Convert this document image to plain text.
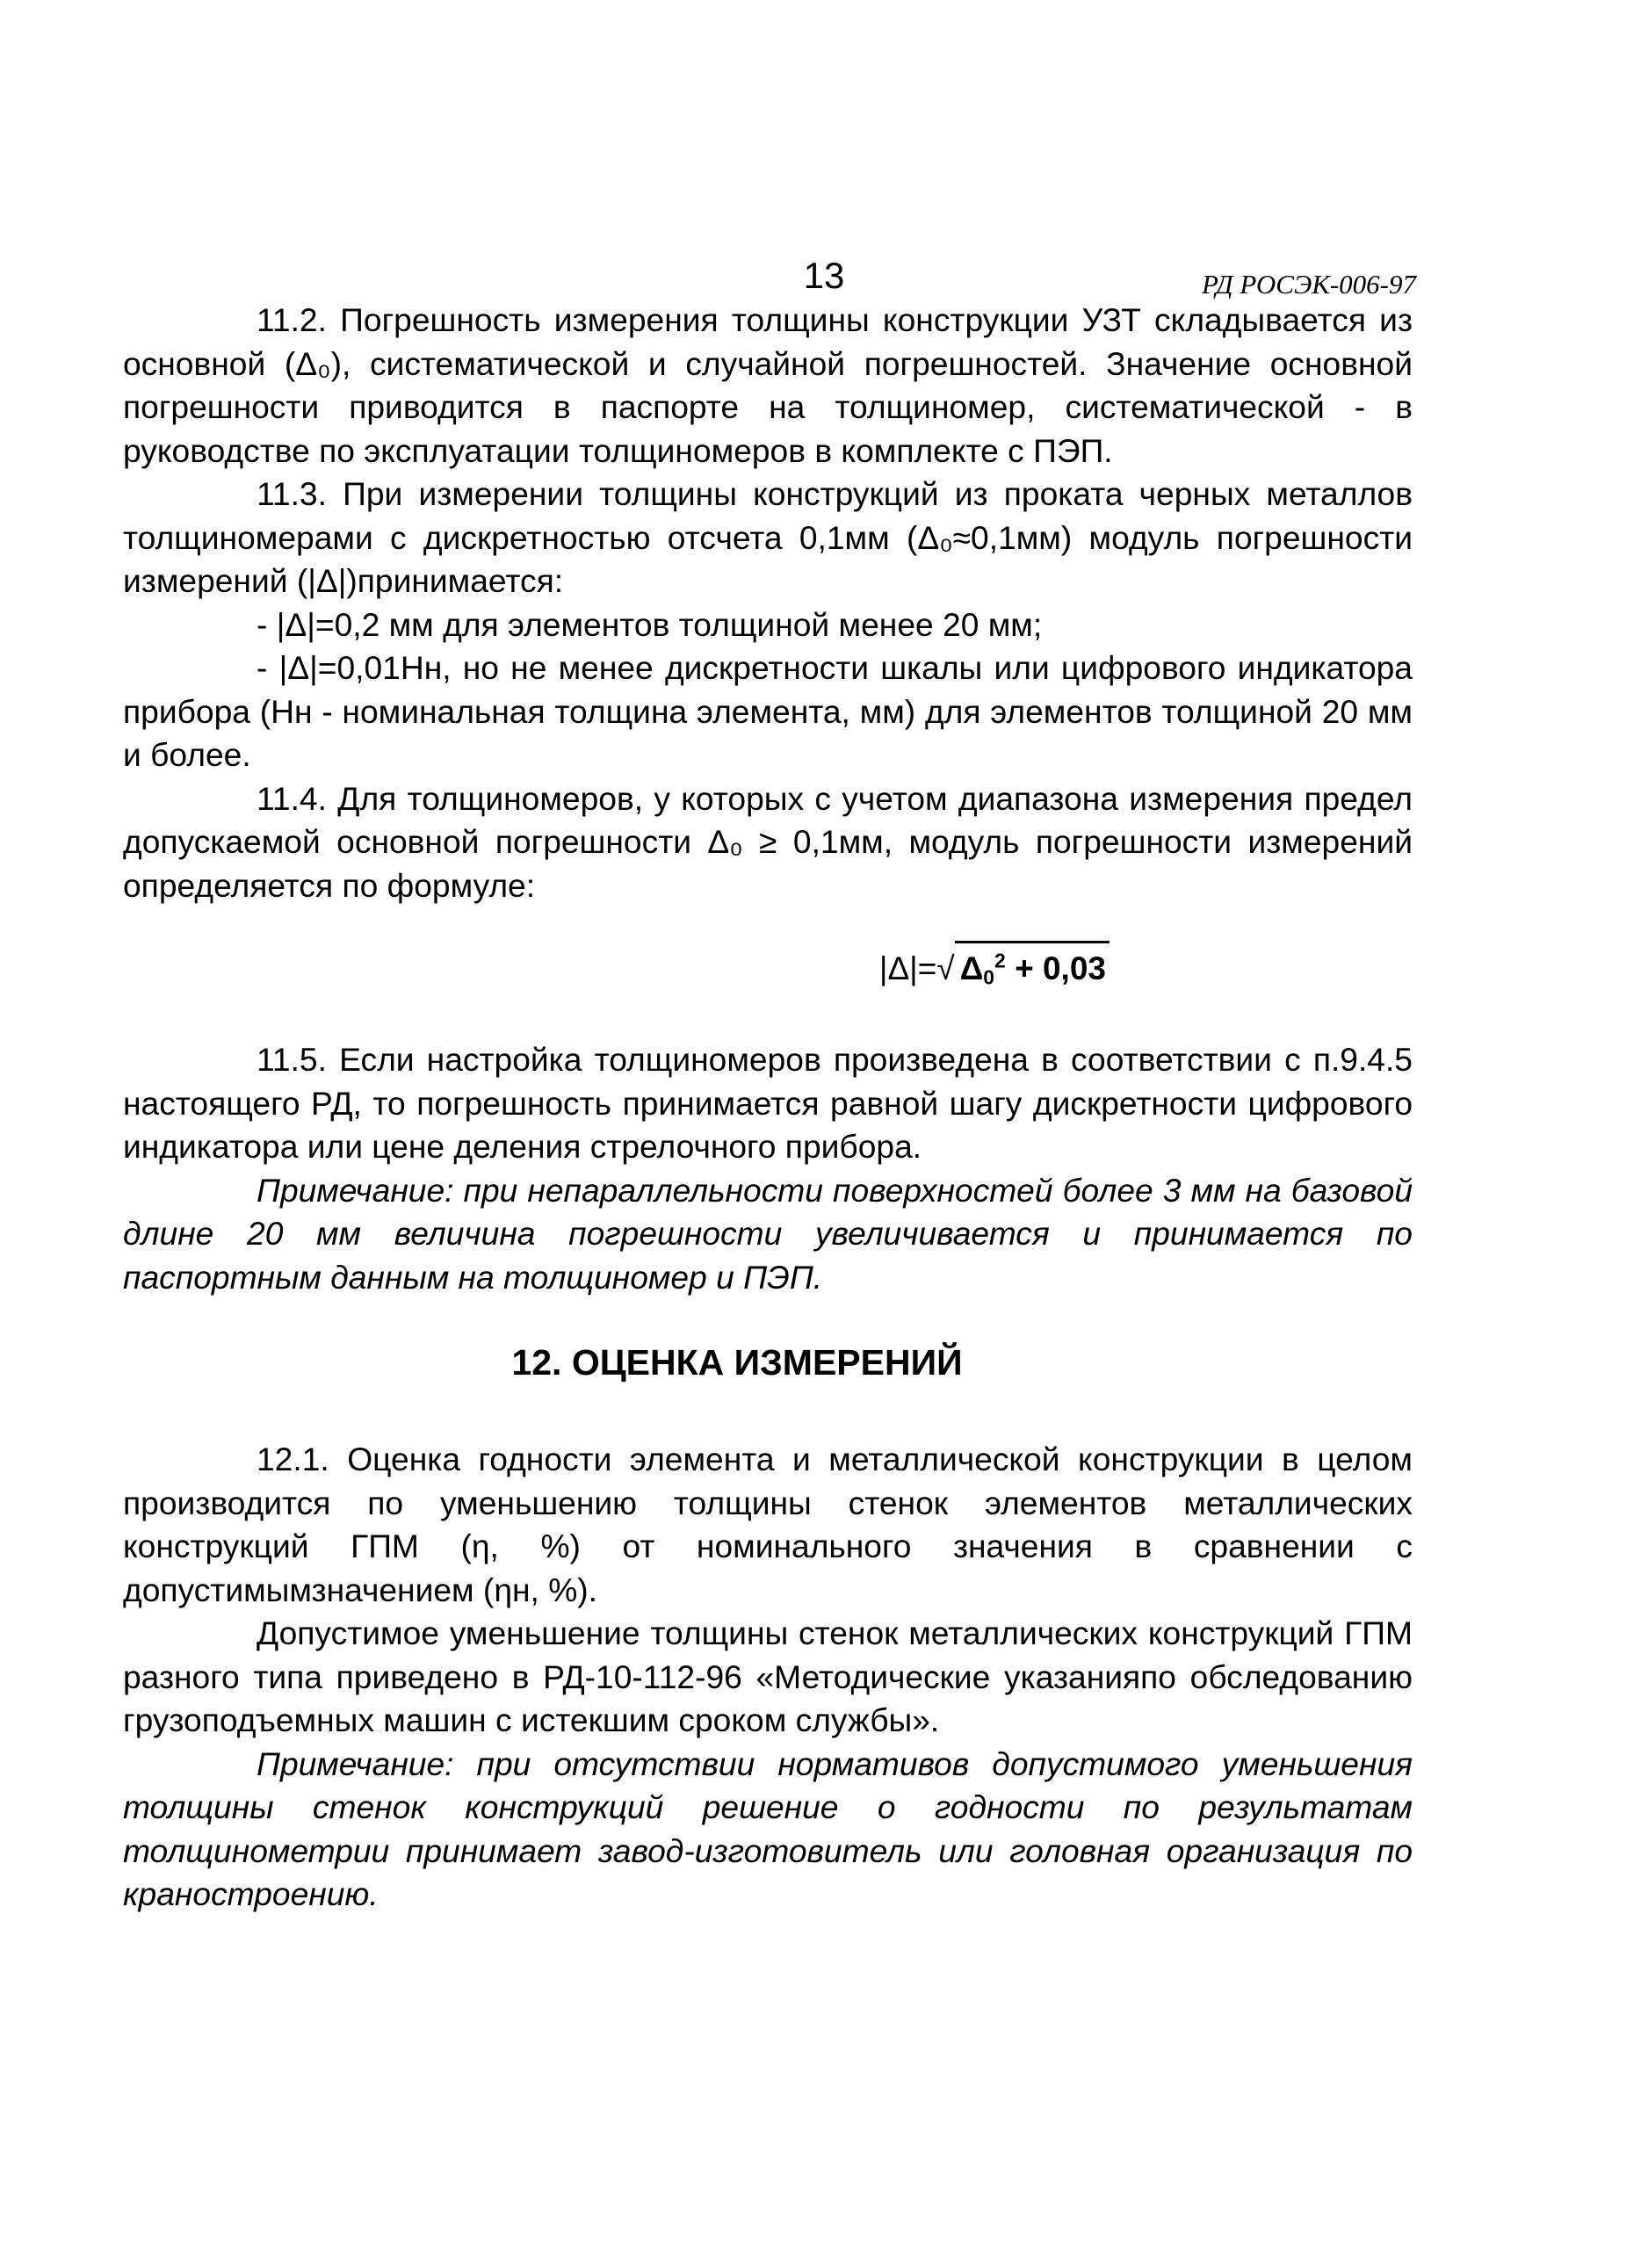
13	РД РОСЭК-006-97

11.2. Погрешность измерения толщины конструкции УЗТ складывается из основной (Δ₀), систематической и случайной погрешностей. Значение основной погрешности приводится в паспорте на толщиномер, систематической - в руководстве по эксплуатации толщиномеров в комплекте с ПЭП.

11.3. При измерении толщины конструкций из проката черных металлов толщиномерами с дискретностью отсчета 0,1мм (Δ₀≈0,1мм) модуль погрешности измерений (|Δ|)принимается:

- |Δ|=0,2 мм для элементов толщиной менее 20 мм;

- |Δ|=0,01Hн, но не менее дискретности шкалы или цифрового индикатора прибора (Hн - номинальная толщина элемента, мм) для элементов толщиной 20 мм и более.

11.4. Для толщиномеров, у которых с учетом диапазона измерения предел допускаемой основной погрешности Δ₀ ≥ 0,1мм, модуль погрешности измерений определяется по формуле:

|Δ|=√ $\Delta_0^2 + 0,03$

11.5. Если настройка толщиномеров произведена в соответствии с п.9.4.5 настоящего РД, то погрешность принимается равной шагу дискретности цифрового индикатора или цене деления стрелочного прибора.

Примечание: при непараллельности поверхностей более 3 мм на базовой длине 20 мм величина погрешности увеличивается и принимается по паспортным данным на толщиномер и ПЭП.

12. ОЦЕНКА ИЗМЕРЕНИЙ

12.1. Оценка годности элемента и металлической конструкции в целом производится по уменьшению толщины стенок элементов металлических конструкций ГПМ (η, %) от номинального значения в сравнении с допустимымзначением (ηн, %).

Допустимое уменьшение толщины стенок металлических конструкций ГПМ разного типа приведено в РД-10-112-96 «Методические указанияпо обследованию грузоподъемных машин с истекшим сроком службы».

Примечание: при отсутствии нормативов допустимого уменьшения толщины стенок конструкций решение о годности по результатам толщинометрии принимает завод-изготовитель или головная организация по краностроению.
